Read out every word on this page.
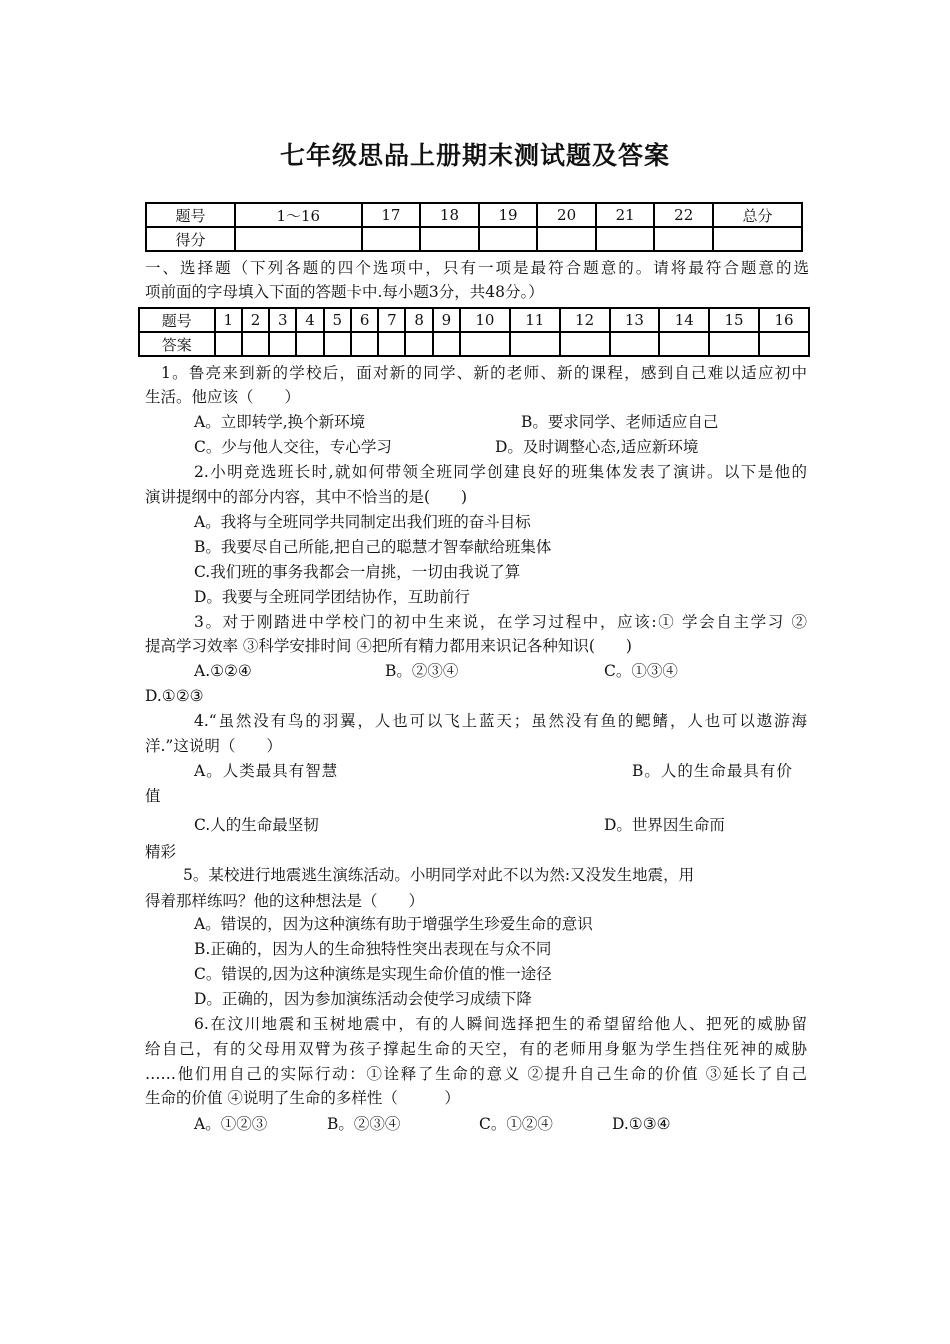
七年级思品上册期末测试题及答案
题号	1～16	17	18	19	20	21	22	总分
得分								
一、选择题（下列各题的四个选项中，只有一项是最符合题意的。请将最符合题意的选
项前面的字母填入下面的答题卡中.每小题3分，共48分。）
题号	1	2	3	4	5	6	7	8	9	10	11	12	13	14	15	16
答案																
1。鲁亮来到新的学校后，面对新的同学、新的老师、新的课程，感到自己难以适应初中
生活。他应该（　　）
A。立即转学,换个新环境	B。要求同学、老师适应自己
C。少与他人交往，专心学习	D。及时调整心态,适应新环境
2.小明竞选班长时,就如何带领全班同学创建良好的班集体发表了演讲。以下是他的
演讲提纲中的部分内容，其中不恰当的是(　　)
A。我将与全班同学共同制定出我们班的奋斗目标
B。我要尽自己所能,把自己的聪慧才智奉献给班集体
C.我们班的事务我都会一肩挑，一切由我说了算
D。我要与全班同学团结协作，互助前行
3。对于刚踏进中学校门的初中生来说，在学习过程中，应该:① 学会自主学习 ②
提高学习效率 ③科学安排时间 ④把所有精力都用来识记各种知识(　　)
A.①②④	B。②③④	C。①③④
D.①②③
4.“虽然没有鸟的羽翼，人也可以飞上蓝天；虽然没有鱼的鳃鳍，人也可以遨游海
洋.”这说明（　　）
A。人类最具有智慧	B。人的生命最具有价
值
C.人的生命最坚韧	D。世界因生命而
精彩
5。某校进行地震逃生演练活动。小明同学对此不以为然:又没发生地震，用
得着那样练吗？他的这种想法是（　　）
A。错误的，因为这种演练有助于增强学生珍爱生命的意识
B.正确的，因为人的生命独特性突出表现在与众不同
C。错误的,因为这种演练是实现生命价值的惟一途径
D。正确的，因为参加演练活动会使学习成绩下降
6.在汶川地震和玉树地震中，有的人瞬间选择把生的希望留给他人、把死的威胁留
给自己，有的父母用双臂为孩子撑起生命的天空，有的老师用身躯为学生挡住死神的威胁
……他们用自己的实际行动：①诠释了生命的意义 ②提升自己生命的价值 ③延长了自己
生命的价值 ④说明了生命的多样性（　　　）
A。①②③	B。②③④	C。①②④	D.①③④
